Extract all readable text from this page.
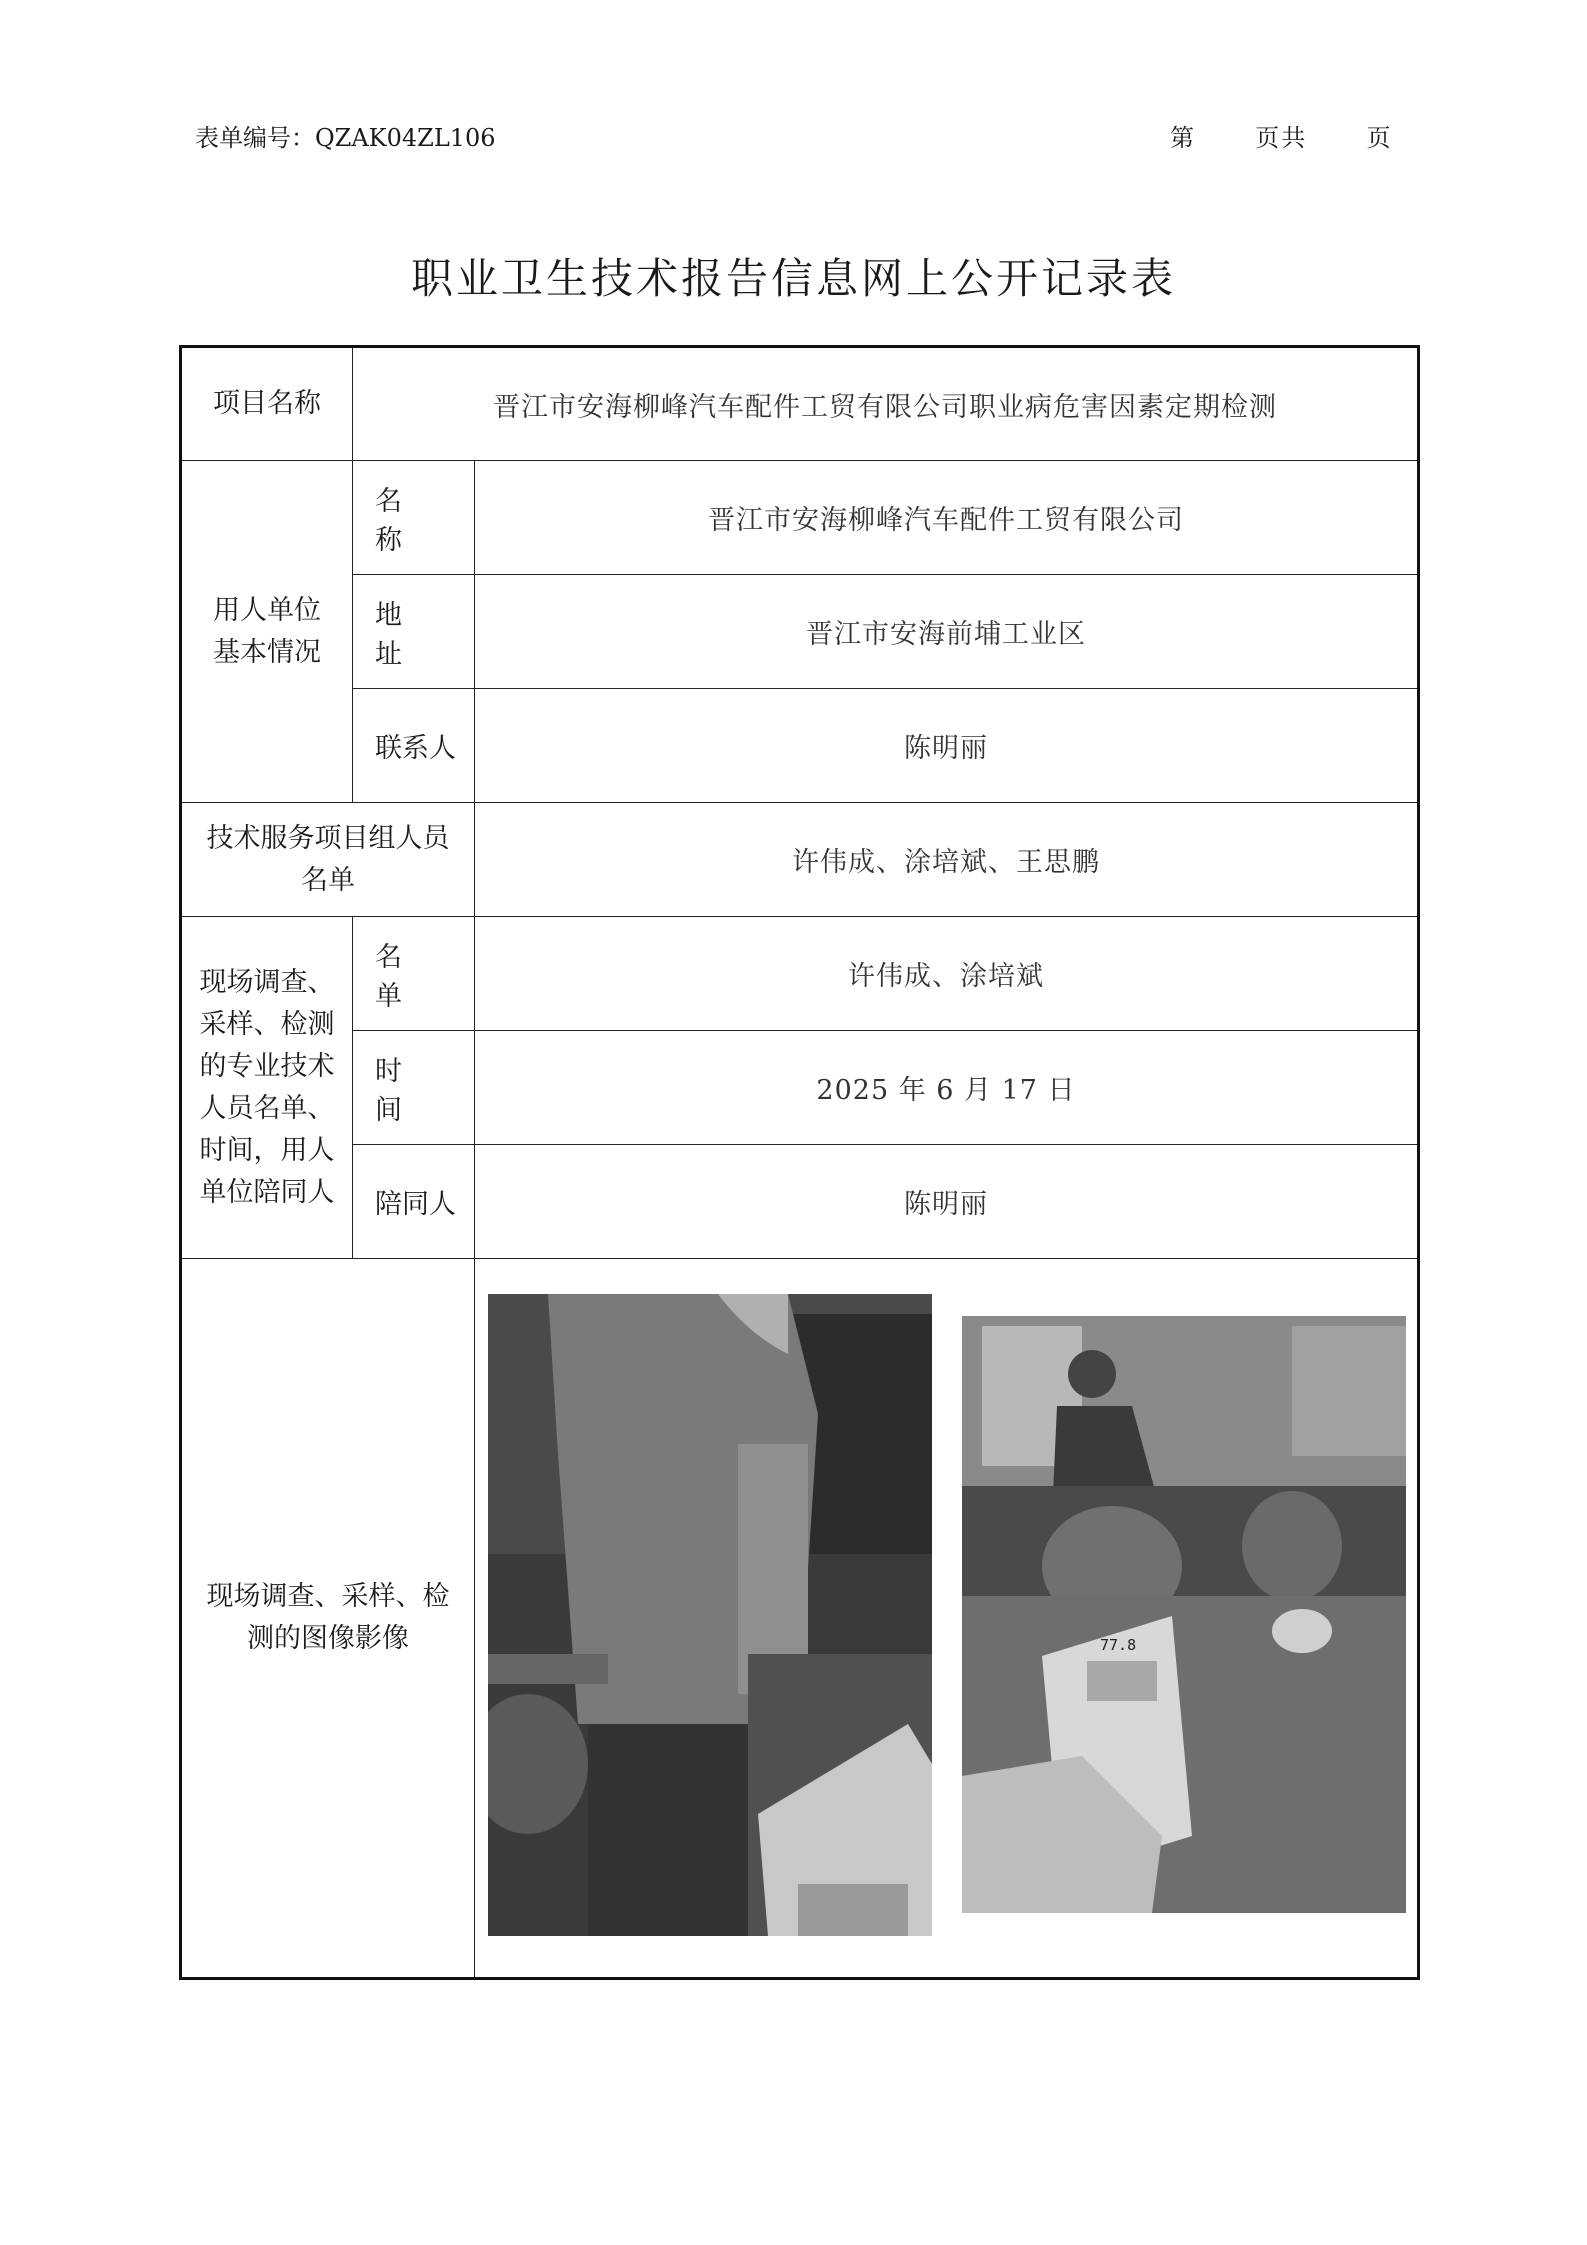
表单编号：QZAK04ZL106	第 页共 页
职业卫生技术报告信息网上公开记录表
项目名称	晋江市安海柳峰汽车配件工贸有限公司职业病危害因素定期检测	
用人单位基本情况	名 称	晋江市安海柳峰汽车配件工贸有限公司
	地 址	晋江市安海前埔工业区
	联系人	陈明丽
技术服务项目组人员名单		许伟成、涂培斌、王思鹏
现场调查、采样、检测的专业技术人员名单、时间，用人单位陪同人	名 单	许伟成、涂培斌
	时 间	2025 年 6 月 17 日
	陪同人	陈明丽
现场调查、采样、检测的图像影像		77.8
